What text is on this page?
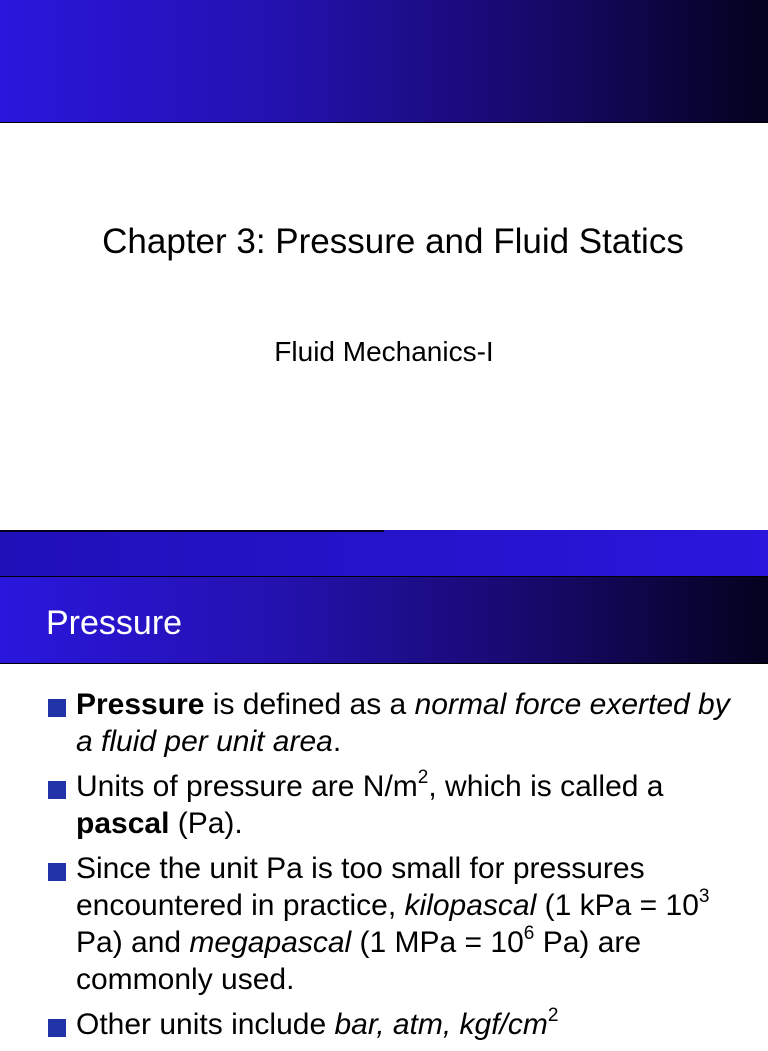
Chapter 3: Pressure and Fluid Statics
Fluid Mechanics-I
Pressure
Pressure is defined as a normal force exerted by a fluid per unit area.
Units of pressure are $N/m^2$, which is called a pascal (Pa).
Since the unit Pa is too small for pressures encountered in practice, kilopascal (1 kPa = $10^3$ Pa) and megapascal (1 MPa = $10^6$ Pa) are commonly used.
Other units include bar, atm, kgf/$cm^2$
